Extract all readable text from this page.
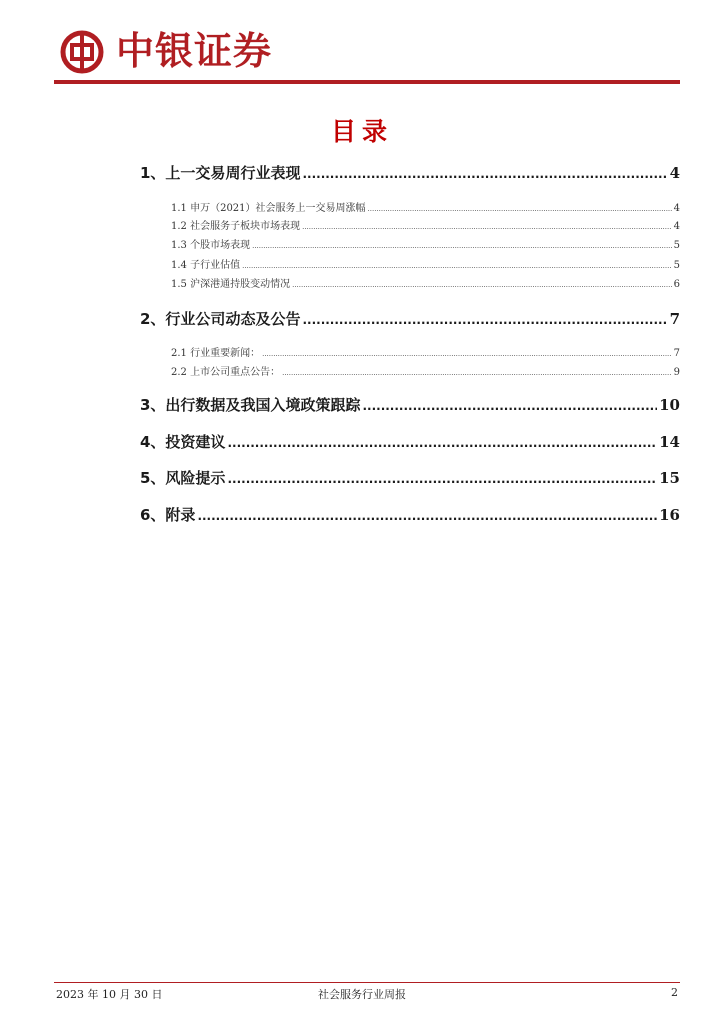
中银证券
目录
1、上一交易周行业表现 .....	4
1.1 申万（2021）社会服务上一交易周涨幅 .....	4
1.2 社会服务子板块市场表现 .....	4
1.3 个股市场表现 .....	5
1.4 子行业估值 .....	5
1.5 沪深港通持股变动情况 .....	6
2、行业公司动态及公告 .....	7
2.1 行业重要新闻： .....	7
2.2 上市公司重点公告： .....	9
3、出行数据及我国入境政策跟踪 .....	10
4、投资建议 .....	14
5、风险提示 .....	15
6、附录 .....	16
2023 年 10 月 30 日	社会服务行业周报	2
